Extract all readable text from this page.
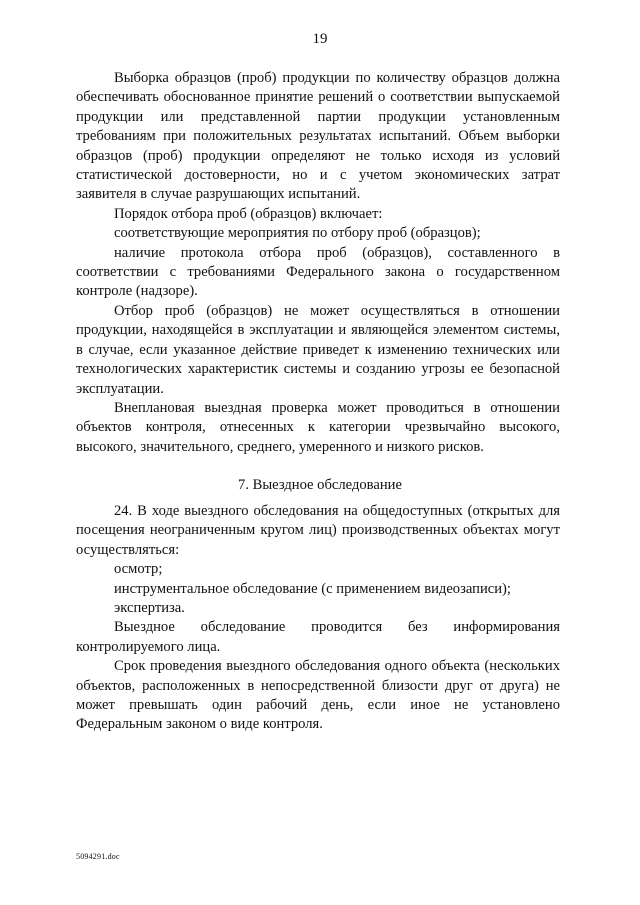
19

Выборка образцов (проб) продукции по количеству образцов должна обеспечивать обоснованное принятие решений о соответствии выпускаемой продукции или представленной партии продукции установленным требованиям при положительных результатах испытаний. Объем выборки образцов (проб) продукции определяют не только исходя из условий статистической достоверности, но и с учетом экономических затрат заявителя в случае разрушающих испытаний.

Порядок отбора проб (образцов) включает:

соответствующие мероприятия по отбору проб (образцов);

наличие протокола отбора проб (образцов), составленного в соответствии с требованиями Федерального закона о государственном контроле (надзоре).

Отбор проб (образцов) не может осуществляться в отношении продукции, находящейся в эксплуатации и являющейся элементом системы, в случае, если указанное действие приведет к изменению технических или технологических характеристик системы и созданию угрозы ее безопасной эксплуатации.

Внеплановая выездная проверка может проводиться в отношении объектов контроля, отнесенных к категории чрезвычайно высокого, высокого, значительного, среднего, умеренного и низкого рисков.

7. Выездное обследование

24. В ходе выездного обследования на общедоступных (открытых для посещения неограниченным кругом лиц) производственных объектах могут осуществляться:

осмотр;

инструментальное обследование (с применением видеозаписи);

экспертиза.

Выездное обследование проводится без информирования контролируемого лица.

Срок проведения выездного обследования одного объекта (нескольких объектов, расположенных в непосредственной близости друг от друга) не может превышать один рабочий день, если иное не установлено Федеральным законом о виде контроля.

5094291.doc
